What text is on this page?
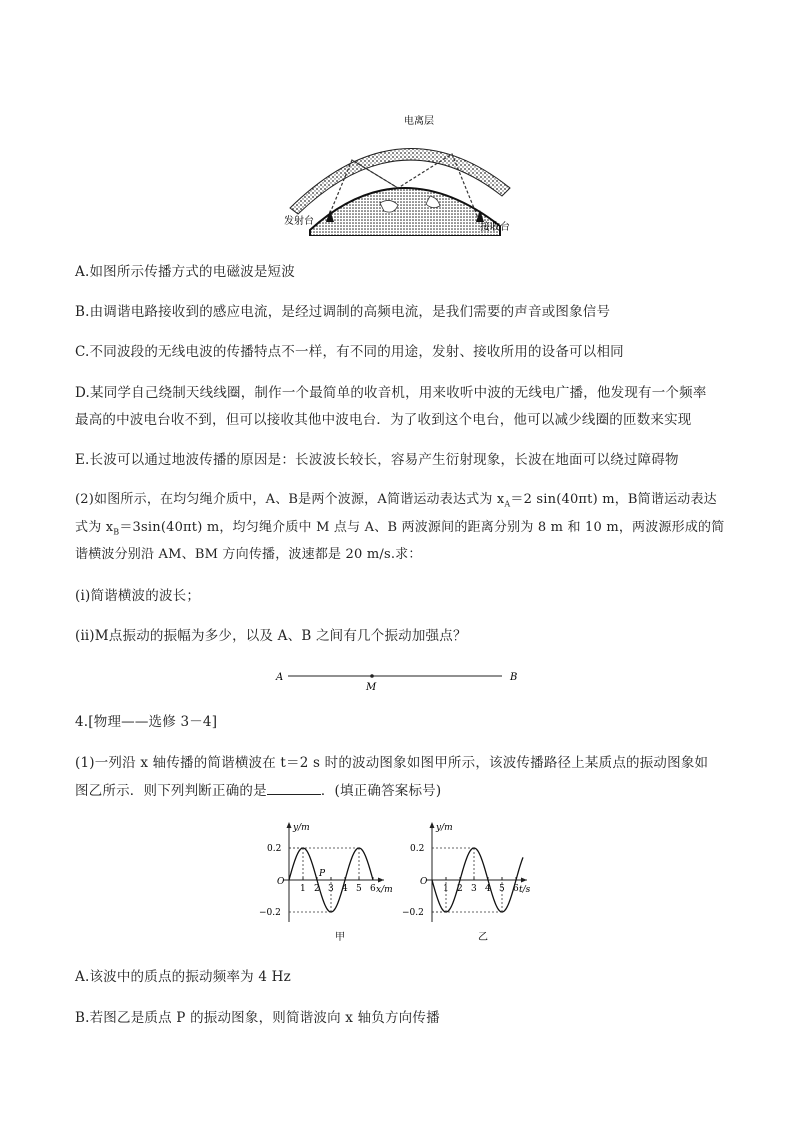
电离层
发射台
接收台
A.如图所示传播方式的电磁波是短波
B.由调谐电路接收到的感应电流，是经过调制的高频电流，是我们需要的声音或图象信号
C.不同波段的无线电波的传播特点不一样，有不同的用途，发射、接收所用的设备可以相同
D.某同学自己绕制天线线圈，制作一个最简单的收音机，用来收听中波的无线电广播，他发现有一个频率
最高的中波电台收不到，但可以接收其他中波电台．为了收到这个电台，他可以减少线圈的匝数来实现
E.长波可以通过地波传播的原因是：长波波长较长，容易产生衍射现象，长波在地面可以绕过障碍物
(2)如图所示，在均匀绳介质中，A、B是两个波源，A简谐运动表达式为 $x_A=2$ sin(40πt) m，B简谐运动表达
式为 $x_B=3\sin(40\pi t)$ m，均匀绳介质中 M 点与 A、B 两波源间的距离分别为 8 m 和 10 m，两波源形成的简
谐横波分别沿 AM、BM 方向传播，波速都是 20 m/s.求：
(ⅰ)简谐横波的波长；
(ⅱ)M点振动的振幅为多少，以及 A、B 之间有几个振动加强点？
A
M
B
4.[物理——选修 3－4]
(1)一列沿 x 轴传播的简谐横波在 t＝2 s 时的波动图象如图甲所示，该波传播路径上某质点的振动图象如
图乙所示．则下列判断正确的是	．(填正确答案标号)
y/m
x/m
O
0.2
−0.2
1 2 3 4 5 6
P
甲
y/m
t/s
O
0.2
−0.2
1 2 3 4 5 6
乙
A.该波中的质点的振动频率为 4 Hz
B.若图乙是质点 P 的振动图象，则简谐波向 x 轴负方向传播
